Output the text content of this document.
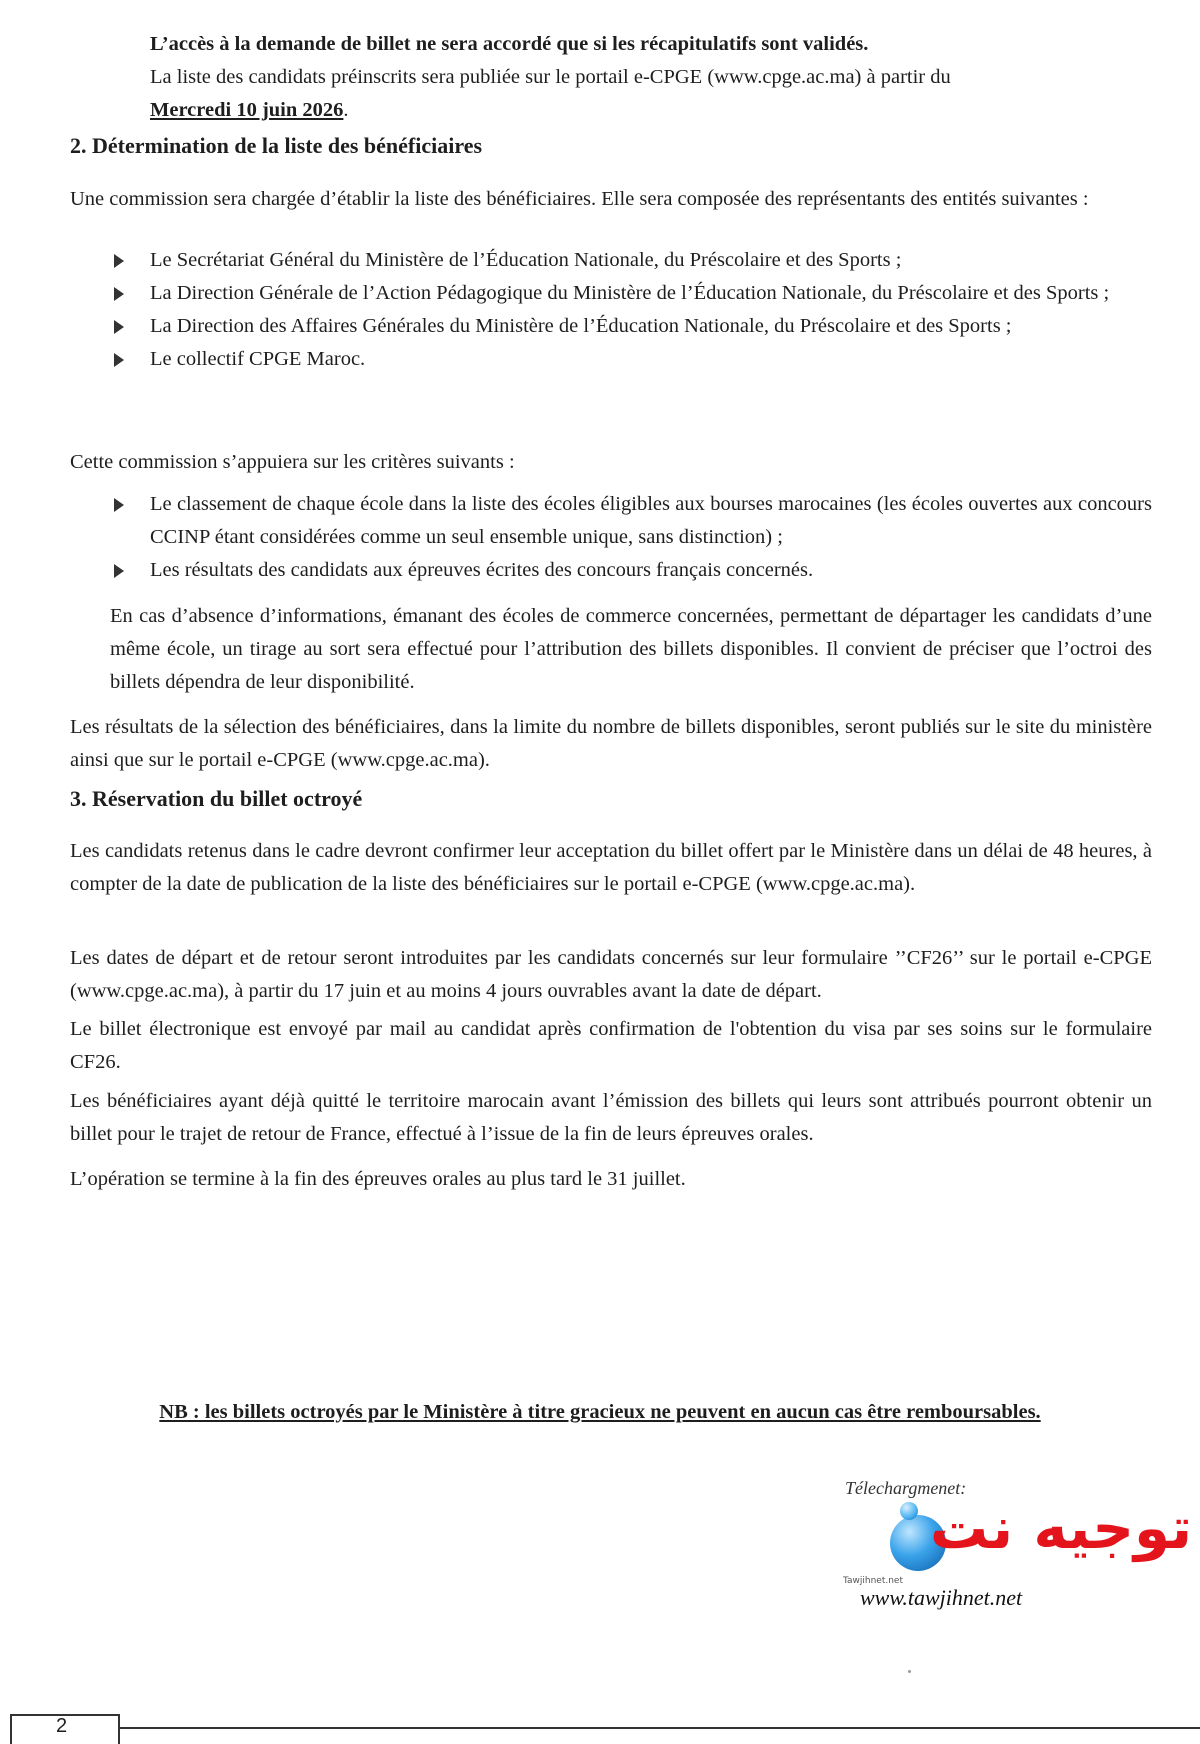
L’accès à la demande de billet ne sera accordé que si les récapitulatifs sont validés.

La liste des candidats préinscrits sera publiée sur le portail e-CPGE (www.cpge.ac.ma) à partir du

Mercredi 10 juin 2026.

2. Détermination de la liste des bénéficiaires

Une commission sera chargée d’établir la liste des bénéficiaires. Elle sera composée des représentants des entités suivantes :

Le Secrétariat Général du Ministère de l’Éducation Nationale, du Préscolaire et des Sports ;
La Direction Générale de l’Action Pédagogique du Ministère de l’Éducation Nationale, du Préscolaire et des Sports ;
La Direction des Affaires Générales du Ministère de l’Éducation Nationale, du Préscolaire et des Sports ;
Le collectif CPGE Maroc.

Cette commission s’appuiera sur les critères suivants :

Le classement de chaque école dans la liste des écoles éligibles aux bourses marocaines (les écoles ouvertes aux concours CCINP étant considérées comme un seul ensemble unique, sans distinction) ;
Les résultats des candidats aux épreuves écrites des concours français concernés.

En cas d’absence d’informations, émanant des écoles de commerce concernées, permettant de départager les candidats d’une même école, un tirage au sort sera effectué pour l’attribution des billets disponibles. Il convient de préciser que l’octroi des billets dépendra de leur disponibilité.

Les résultats de la sélection des bénéficiaires, dans la limite du nombre de billets disponibles, seront publiés sur le site du ministère ainsi que sur le portail e-CPGE (www.cpge.ac.ma).

3. Réservation du billet octroyé

Les candidats retenus dans le cadre devront confirmer leur acceptation du billet offert par le Ministère dans un délai de 48 heures, à compter de la date de publication de la liste des bénéficiaires sur le portail e-CPGE (www.cpge.ac.ma).

Les dates de départ et de retour seront introduites par les candidats concernés sur leur formulaire ’’CF26’’ sur le portail e-CPGE (www.cpge.ac.ma), à partir du 17 juin et au moins 4 jours ouvrables avant la date de départ.

Le billet électronique est envoyé par mail au candidat après confirmation de l'obtention du visa par ses soins sur le formulaire CF26.

Les bénéficiaires ayant déjà quitté le territoire marocain avant l’émission des billets qui leurs sont attribués pourront obtenir un billet pour le trajet de retour de France, effectué à l’issue de la fin de leurs épreuves orales.

L’opération se termine à la fin des épreuves orales au plus tard le 31 juillet.

NB : les billets octroyés par le Ministère à titre gracieux ne peuvent en aucun cas être remboursables.
Télechargmenet:
توجيه نت
Tawjihnet.net
www.tawjihnet.net
2
